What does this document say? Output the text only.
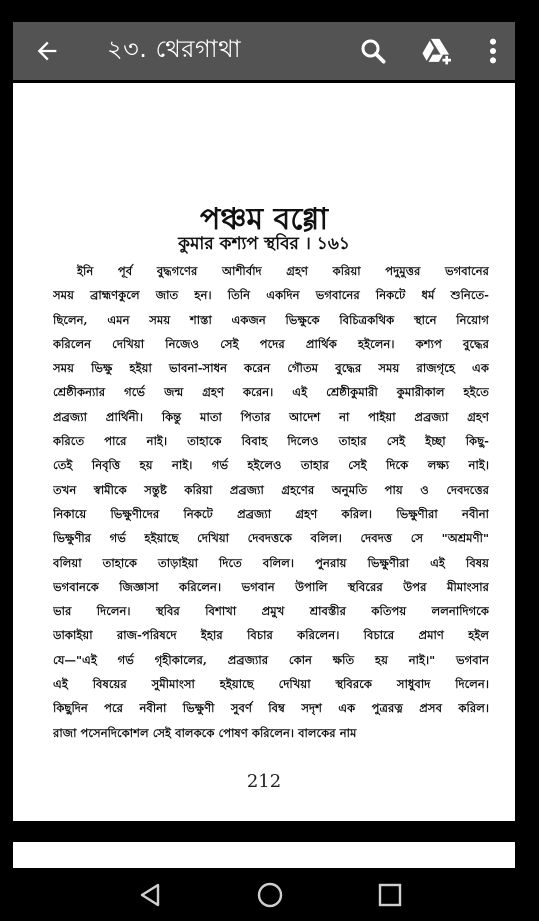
২৩. থেরগাথা
পঞ্চম বগ্গো
কুমার কশ্যপ স্থবির । ১৬১
ইনি পূর্ব বুদ্ধগণের আশীর্বাদ গ্রহণ করিয়া পদুমুত্তর ভগবানের
সময় ব্রাহ্মণকুলে জাত হন। তিনি একদিন ভগবানের নিকটে ধর্ম শুনিতে-
ছিলেন, এমন সময় শাস্তা একজন ভিক্ষুকে বিচিত্রকথিক স্থানে নিয়োগ
করিলেন দেখিয়া নিজেও সেই পদের প্রার্থিক হইলেন। কশ্যপ বুদ্ধের
সময় ভিক্ষু হইয়া ভাবনা-সাধন করেন গৌতম বুদ্ধের সময় রাজগৃহে এক
শ্রেষ্ঠীকন্যার গর্ভে জন্ম গ্রহণ করেন। এই শ্রেষ্ঠীকুমারী কুমারীকাল হইতে
প্রব্রজ্যা প্রার্থিনী। কিন্তু মাতা পিতার আদেশ না পাইয়া প্রব্রজ্যা গ্রহণ
করিতে পারে নাই। তাহাকে বিবাহ দিলেও তাহার সেই ইচ্ছা কিছু-
তেই নিবৃত্তি হয় নাই। গর্ভ হইলেও তাহার সেই দিকে লক্ষ্য নাই।
তখন স্বামীকে সন্তুষ্ট করিয়া প্রব্রজ্যা গ্রহণের অনুমতি পায় ও দেবদত্তের
নিকায়ে ভিক্ষুণীদের নিকটে প্রব্রজ্যা গ্রহণ করিল। ভিক্ষুণীরা নবীনা
ভিক্ষুণীর গর্ভ হইয়াছে দেখিয়া দেবদত্তকে বলিল। দেবদত্ত সে "অশ্রমণী"
বলিয়া তাহাকে তাড়াইয়া দিতে বলিল। পুনরায় ভিক্ষুণীরা এই বিষয়
ভগবানকে জিজ্ঞাসা করিলেন। ভগবান উপালি স্থবিরের উপর মীমাংসার
ভার দিলেন। স্থবির বিশাখা প্রমুখ শ্রাবস্তীর কতিপয় ললনাদিগকে
ডাকাইয়া রাজ-পরিষদে ইহার বিচার করিলেন। বিচারে প্রমাণ হইল
যে—"এই গর্ভ গৃহীকালের, প্রব্রজ্যার কোন ক্ষতি হয় নাই।" ভগবান
এই বিষয়ের সুমীমাংসা হইয়াছে দেখিয়া স্থবিরকে সাধুবাদ দিলেন।
কিছুদিন পরে নবীনা ভিক্ষুণী সুবর্ণ বিম্ব সদৃশ এক পুত্ররত্ন প্রসব করিল।
রাজা পসেনদিকোশল সেই বালককে পোষণ করিলেন। বালকের নাম
212
